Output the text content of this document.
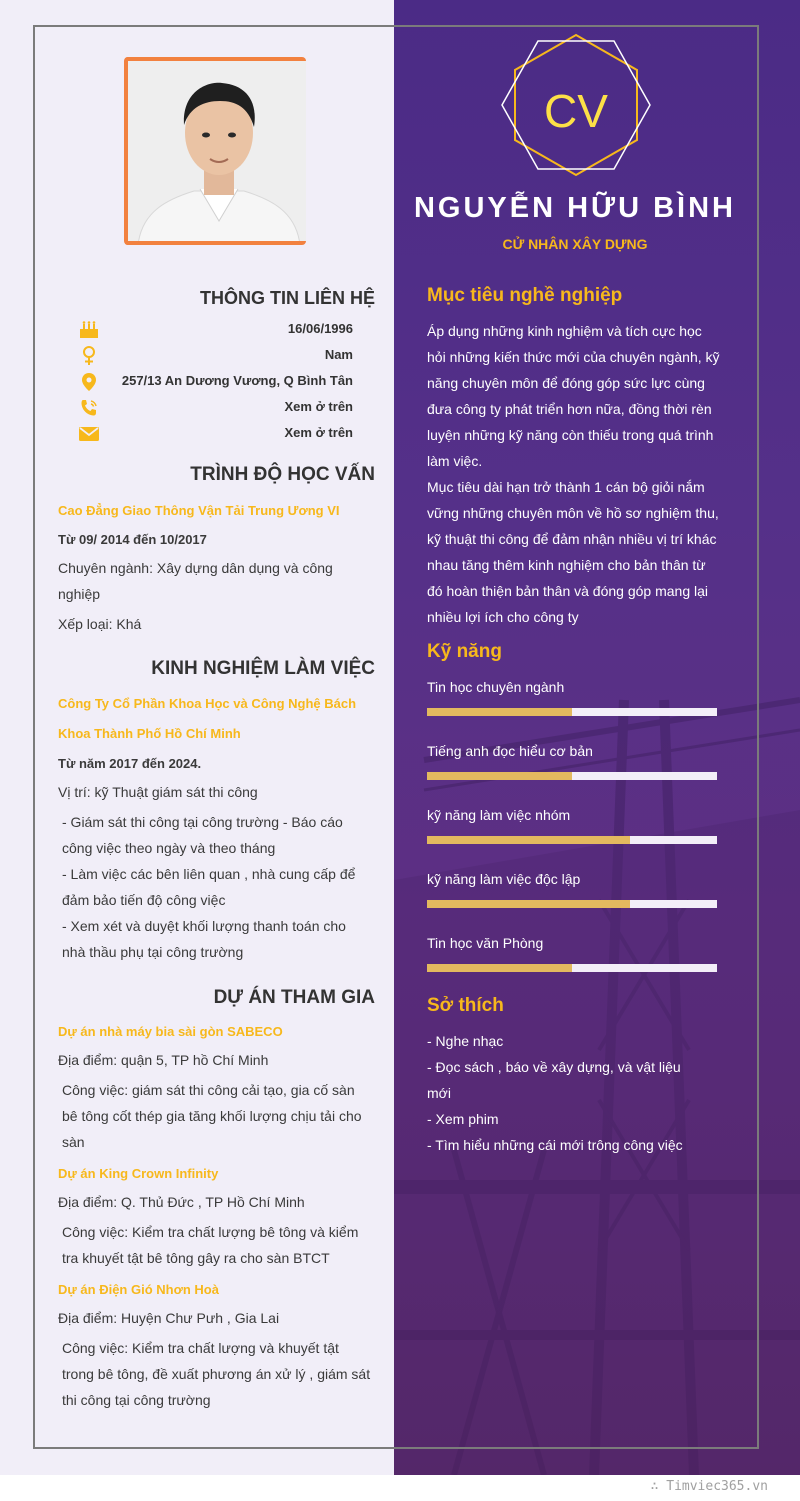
∴ Timviec365.vn
THÔNG TIN LIÊN HỆ
16/06/1996
Nam
257/13 An Dương Vương, Q Bình Tân
Xem ở trên
Xem ở trên
TRÌNH ĐỘ HỌC VẤN
Cao Đẳng Giao Thông Vận Tải Trung Ương VI
Từ 09/ 2014 đến 10/2017
Chuyên ngành: Xây dựng dân dụng và công
nghiệp
Xếp loại: Khá
KINH NGHIỆM LÀM VIỆC
Công Ty Cổ Phần Khoa Học và Công Nghệ Bách
Khoa Thành Phố Hồ Chí Minh
Từ năm 2017 đến 2024.
Vị trí: kỹ Thuật giám sát thi công
- Giám sát thi công tại công trường - Báo cáo
công việc theo ngày và theo tháng
- Làm việc các bên liên quan , nhà cung cấp để
đảm bảo tiến độ công việc
- Xem xét và duyệt khối lượng thanh toán cho
nhà thầu phụ tại công trường
DỰ ÁN THAM GIA
Dự án nhà máy bia sài gòn SABECO
Địa điểm: quận 5, TP hồ Chí Minh
Công việc: giám sát thi công cải tạo, gia cố sàn
bê tông cốt thép gia tăng khối lượng chịu tải cho
sàn
Dự án King Crown Infinity
Địa điểm: Q. Thủ Đức , TP Hồ Chí Minh
Công việc: Kiểm tra chất lượng bê tông và kiểm
tra khuyết tật bê tông gây ra cho sàn BTCT
Dự án Điện Gió Nhơn Hoà
Địa điểm: Huyện Chư Pưh , Gia Lai
Công việc: Kiểm tra chất lượng và khuyết tật
trong bê tông, đề xuất phương án xử lý , giám sát
thi công tại công trường
CV
NGUYỄN HỮU BÌNH
CỬ NHÂN XÂY DỰNG
Mục tiêu nghề nghiệp
Áp dụng những kinh nghiệm và tích cực học
hỏi những kiến thức mới của chuyên ngành, kỹ
năng chuyên môn để đóng góp sức lực cùng
đưa công ty phát triển hơn nữa, đồng thời rèn
luyện những kỹ năng còn thiếu trong quá trình
làm việc.
Mục tiêu dài hạn trở thành 1 cán bộ giỏi nắm
vững những chuyên môn về hồ sơ nghiệm thu,
kỹ thuật thi công để đảm nhận nhiều vị trí khác
nhau tăng thêm kinh nghiệm cho bản thân từ
đó hoàn thiện bản thân và đóng góp mang lại
nhiều lợi ích cho công ty
Kỹ năng
Tin học chuyên ngành
Tiếng anh đọc hiểu cơ bản
kỹ năng làm việc nhóm
kỹ năng làm việc độc lập
Tin học văn Phòng
Sở thích
- Nghe nhạc
- Đọc sách , báo về xây dựng, và vật liệu
mới
- Xem phim
- Tìm hiểu những cái mới trông công việc
